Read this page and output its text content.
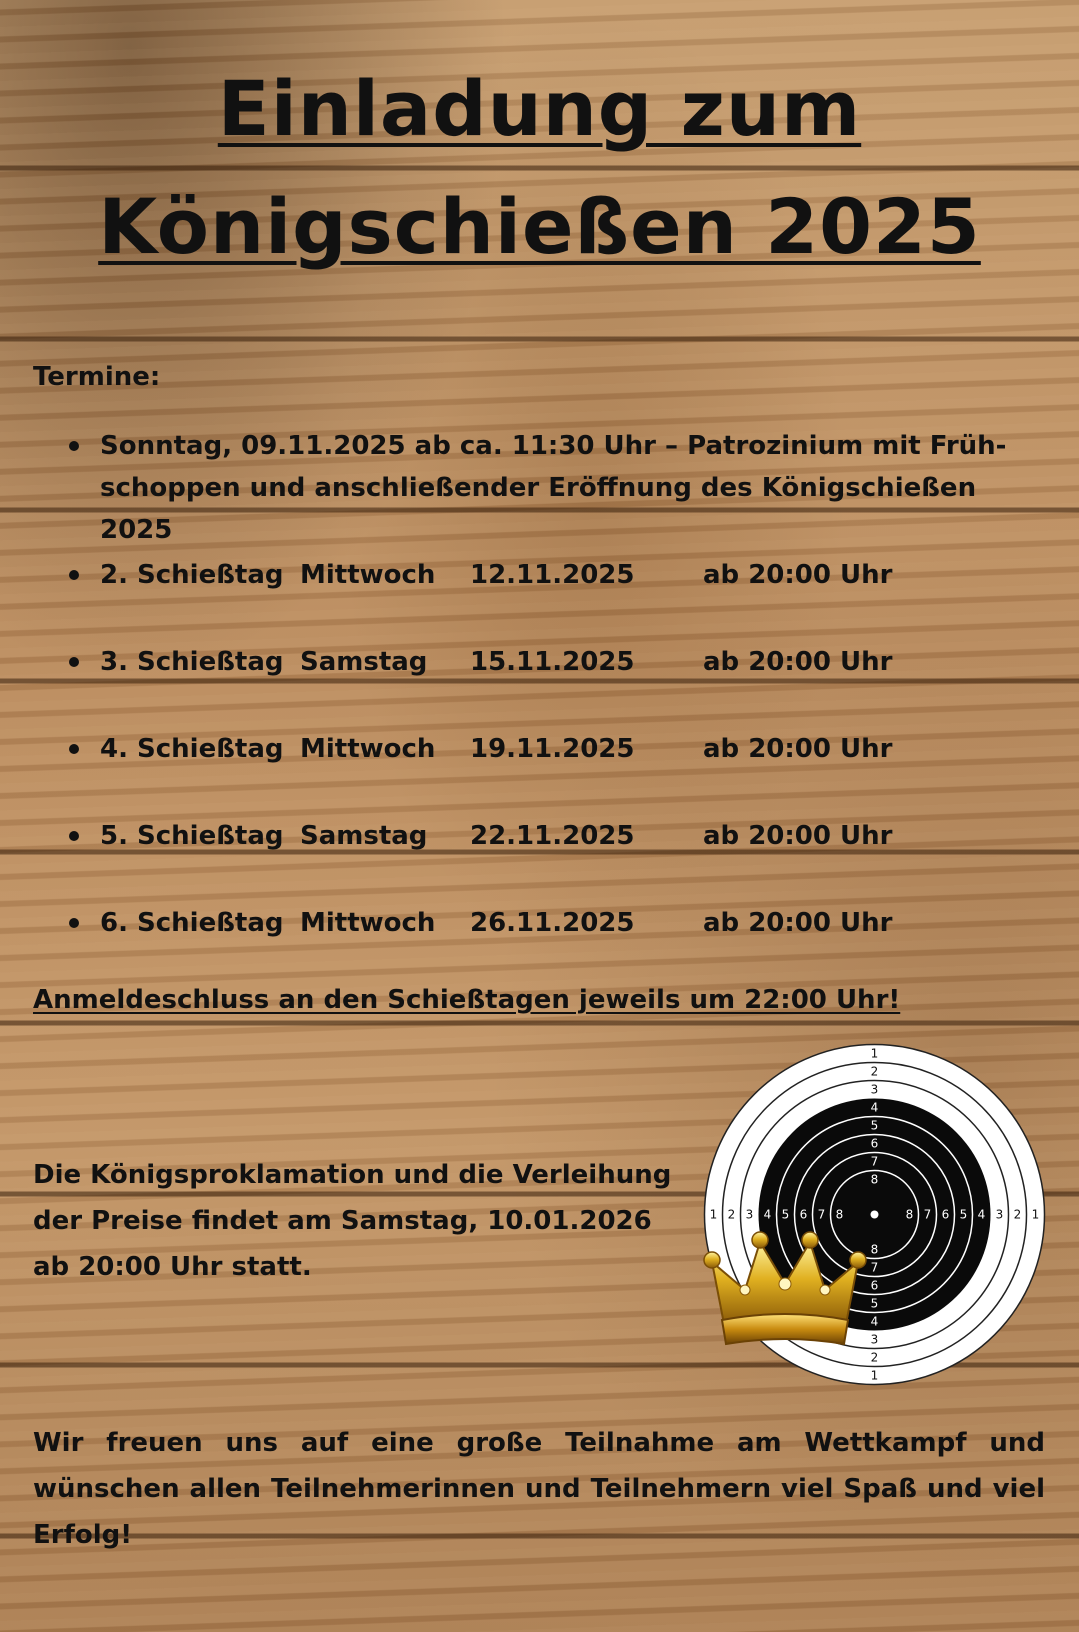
Einladung zum
Königschießen 2025

Termine:

Sonntag, 09.11.2025 ab ca. 11:30 Uhr – Patrozinium mit Früh-schoppen und anschließender Eröffnung des Königschießen 2025
2. Schießtag Mittwoch 12.11.2025	ab 20:00 Uhr
3. Schießtag Samstag 15.11.2025	ab 20:00 Uhr
4. Schießtag Mittwoch 19.11.2025	ab 20:00 Uhr
5. Schießtag Samstag 22.11.2025	ab 20:00 Uhr
6. Schießtag Mittwoch 26.11.2025	ab 20:00 Uhr

Anmeldeschluss an den Schießtagen jeweils um 22:00 Uhr!

Die Königsproklamation und die Verleihung der Preise findet am Samstag, 10.01.2026 ab 20:00 Uhr statt.

1
1
1	1
2
2
2	2
3
3
3	3
4
4
4	4
5
5
5	5
6
6
6	6
7
7
7	7
8
8
8	8

Wir freuen uns auf eine große Teilnahme am Wettkampf und wünschen allen Teilnehmerinnen und Teilnehmern viel Spaß und viel Erfolg!
